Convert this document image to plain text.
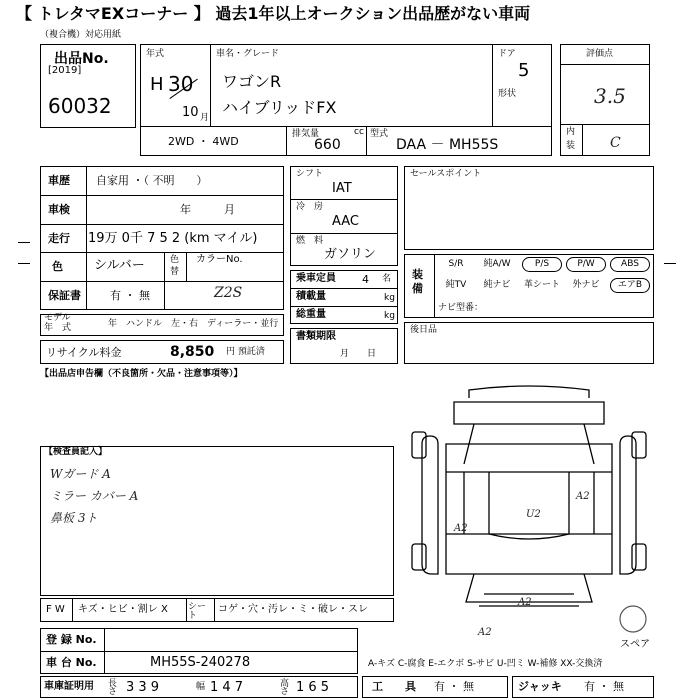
【 トレタマEXコーナー 】 過去1年以上オークション出品歴がない車両
（複合機）対応用紙
出品No.
[2019]
60032
年式
H 30
10 月
車名・グレード
ワゴンR
ハイブリッドFX
ドア
5
形状
2WD ・ 4WD
排気量
660
cc 型式
DAA － MH55S
評価点
3.5
内
装 C
車歴 自家用 ・（ 不明　　）
車検	年　　　月
走行 19万 0千 7 5 2 (km マイル)
色 シルバー	色
替
カラーNo.
保証書	有 ・ 無	Z2S
モデル
年　式	年　ハンドル　左・右　ディーラー・並行
リサイクル料金	8,850 円 預託済
シフト
IAT
冷　房
AAC
燃　料
ガソリン
乗車定員 4 名
積載量	kg
総重量	kg
書類期限
月　　日
セールスポイント
装　備
S/R	純A/W	P/S	P/W	ABS
純TV	純ナビ	革シート	外ナビ	エアB
ナビ型番：
後日品
【出品店申告欄（不良箇所・欠品・注意事項等）】
【検査員記入】
Wガード A
ミラー カバー A
鼻板 3ト
F W キズ・ヒビ・割レ X シート
コゲ・穴・汚レ・ミ・破レ・スレ
登 録 No.
車 台 No.	MH55S-240278
車庫証明用 長さ 3 3 9	幅 1 4 7	高さ 1 6 5	工　　具 有 ・ 無	ジャッキ 有 ・ 無
A-キズ C-腐食 E-エクボ S-サビ U-凹ミ W-補修 XX-交換済
A2
A2
A2
U2
A2
スペア
